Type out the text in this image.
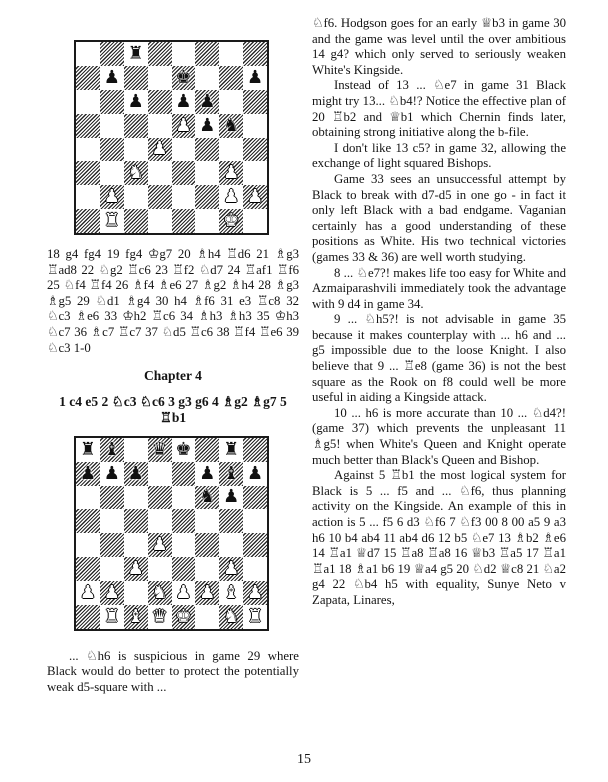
♜
♟	♚	♟
♟ ♟ ♟
♟ ♟ ♞
♟
♞	♟
♟	♟ ♟
♜	♚

18 g4 fg4 19 fg4 ♔g7 20 ♗h4 ♖d6 21 ♗g3 ♖ad8 22 ♘g2 ♖c6 23 ♖f2 ♘d7 24 ♖af1 ♖f6 25 ♘f4 ♖f4 26 ♗f4 ♗e6 27 ♗g2 ♗h4 28 ♗g3 ♗g5 29 ♘d1 ♗g4 30 h4 ♗f6 31 e3 ♖c8 32 ♘c3 ♗e6 33 ♔h2 ♖c6 34 ♗h3 ♗h3 35 ♔h3 ♘c7 36 ♗c7 ♖c7 37 ♘d5 ♖c6 38 ♖f4 ♖e6 39 ♘c3 1-0

Chapter 4
1 c4 e5 2 ♘c3 ♘c6 3 g3 g6 4 ♗g2 ♗g7 5 ♖b1
♜ ♝ ♛ ♚ ♜
♟ ♟ ♟	♟ ♝ ♟
♞ ♟
♟
♟	♟
♟ ♟ ♞ ♟ ♟ ♝ ♟
♜ ♝ ♛ ♚ ♞ ♜

... ♘h6 is suspicious in game 29 where Black would do better to protect the potentially weak d5-square with ...

♘f6. Hodgson goes for an early ♕b3 in game 30 and the game was level until the over ambitious 14 g4? which only served to seriously weaken White's Kingside.

Instead of 13 ... ♘e7 in game 31 Black might try 13... ♘b4!? Notice the effective plan of 20 ♖b2 and ♕b1 which Chernin finds later, obtaining strong initiative along the b-file.

I don't like 13 c5? in game 32, allowing the exchange of light squared Bishops.

Game 33 sees an unsuccessful attempt by Black to break with d7-d5 in one go - in fact it only left Black with a bad endgame. Vaganian certainly has a good understanding of these positions as White. His two technical victories (games 33 & 36) are well worth studying.

8 ... ♘e7?! makes life too easy for White and Azmaiparashvili immediately took the advantage with 9 d4 in game 34.

9 ... ♘h5?! is not advisable in game 35 because it makes counterplay with ... h6 and ... g5 impossible due to the loose Knight. I also believe that 9 ... ♖e8 (game 36) is not the best square as the Rook on f8 could well be more useful in aiding a Kingside attack.

10 ... h6 is more accurate than 10 ... ♘d4?! (game 37) which prevents the unpleasant 11 ♗g5! when White's Queen and Knight operate much better than Black's Queen and Bishop.

Against 5 ♖b1 the most logical system for Black is 5 ... f5 and ... ♘f6, thus planning activity on the Kingside. An example of this in action is 5 ... f5 6 d3 ♘f6 7 ♘f3 00 8 00 a5 9 a3 h6 10 b4 ab4 11 ab4 d6 12 b5 ♘e7 13 ♗b2 ♗e6 14 ♖a1 ♕d7 15 ♖a8 ♖a8 16 ♕b3 ♖a5 17 ♖a1 ♖a1 18 ♗a1 b6 19 ♕a4 g5 20 ♘d2 ♕c8 21 ♘a2 g4 22 ♘b4 h5 with equality, Sunye Neto v Zapata, Linares,

15
